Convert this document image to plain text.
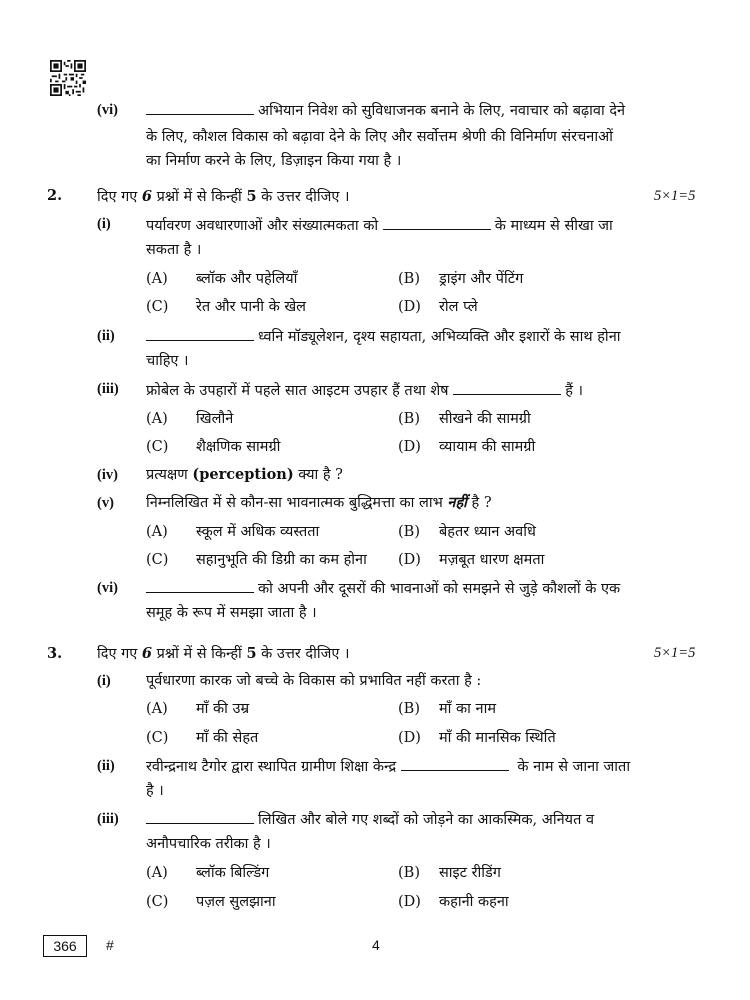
(vi)	अभियान निवेश को सुविधाजनक बनाने के लिए, नवाचार को बढ़ावा देने
के लिए, कौशल विकास को बढ़ावा देने के लिए और सर्वोत्तम श्रेणी की विनिर्माण संरचनाओं
का निर्माण करने के लिए, डिज़ाइन किया गया है ।
2. दिए गए 6 प्रश्नों में से किन्हीं 5 के उत्तर दीजिए ।	5×1=5
(i) पर्यावरण अवधारणाओं और संख्यात्मकता को	के माध्यम से सीखा जा
सकता है ।
(A) ब्लॉक और पहेलियाँ	(B) ड्राइंग और पेंटिंग
(C) रेत और पानी के खेल	(D) रोल प्ले
(ii)	ध्वनि मॉड्यूलेशन, दृश्य सहायता, अभिव्यक्ति और इशारों के साथ होना
चाहिए ।
(iii) फ्रोबेल के उपहारों में पहले सात आइटम उपहार हैं तथा शेष	हैं ।
(A) खिलौने	(B) सीखने की सामग्री
(C) शैक्षणिक सामग्री	(D) व्यायाम की सामग्री
(iv) प्रत्यक्षण (perception) क्या है ?
(v) निम्नलिखित में से कौन-सा भावनात्मक बुद्धिमत्ता का लाभ नहीं है ?
(A) स्कूल में अधिक व्यस्तता	(B) बेहतर ध्यान अवधि
(C) सहानुभूति की डिग्री का कम होना (D) मज़बूत धारण क्षमता
(vi)	को अपनी और दूसरों की भावनाओं को समझने से जुड़े कौशलों के एक
समूह के रूप में समझा जाता है ।
3. दिए गए 6 प्रश्नों में से किन्हीं 5 के उत्तर दीजिए ।	5×1=5
(i) पूर्वधारणा कारक जो बच्चे के विकास को प्रभावित नहीं करता है :
(A) माँ की उम्र	(B) माँ का नाम
(C) माँ की सेहत	(D) माँ की मानसिक स्थिति
(ii) रवीन्द्रनाथ टैगोर द्वारा स्थापित ग्रामीण शिक्षा केन्द्र	के नाम से जाना जाता
है ।
(iii)	लिखित और बोले गए शब्दों को जोड़ने का आकस्मिक, अनियत व
अनौपचारिक तरीका है ।
(A) ब्लॉक बिल्डिंग	(B) साइट रीडिंग
(C) पज़ल सुलझाना	(D) कहानी कहना
366	#	4
